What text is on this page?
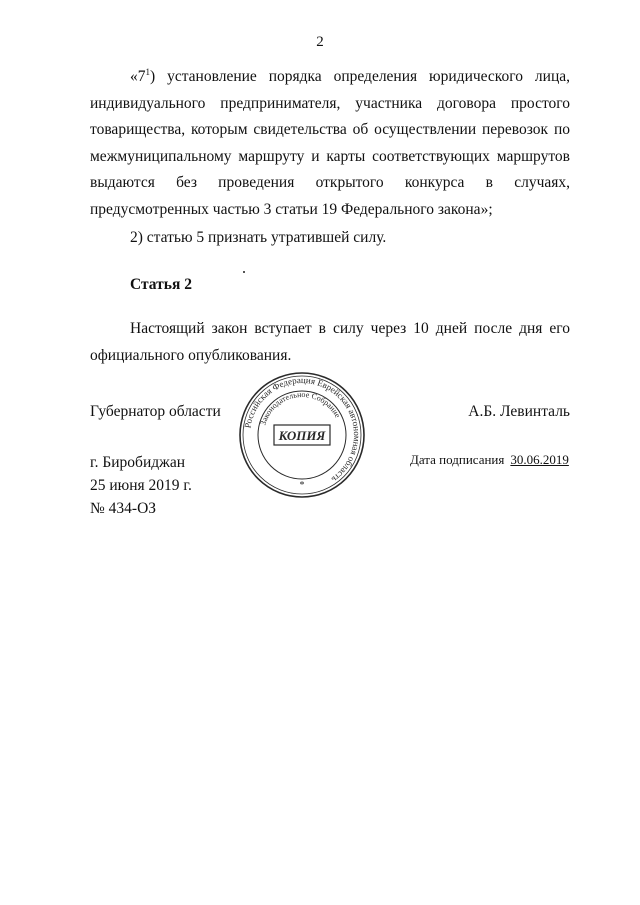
2

«$7^1$) установление порядка определения юридического лица, индивидуального предпринимателя, участника договора простого товарищества, которым свидетельства об осуществлении перевозок по межмуниципальному маршруту и карты соответствующих маршрутов выдаются без проведения открытого конкурса в случаях, предусмотренных частью 3 статьи 19 Федерального закона»;

2) статью 5 признать утратившей силу.

Статья 2

Настоящий закон вступает в силу через 10 дней после дня его официального опубликования.

Губернатор области	А.Б. Левинталь
г. Биробиджан
25 июня 2019 г.
№ 434-ОЗ
Дата подписания 30.06.2019
Российская Федерация Еврейская автономная область
Законодательное Собрание
КОПИЯ
*
